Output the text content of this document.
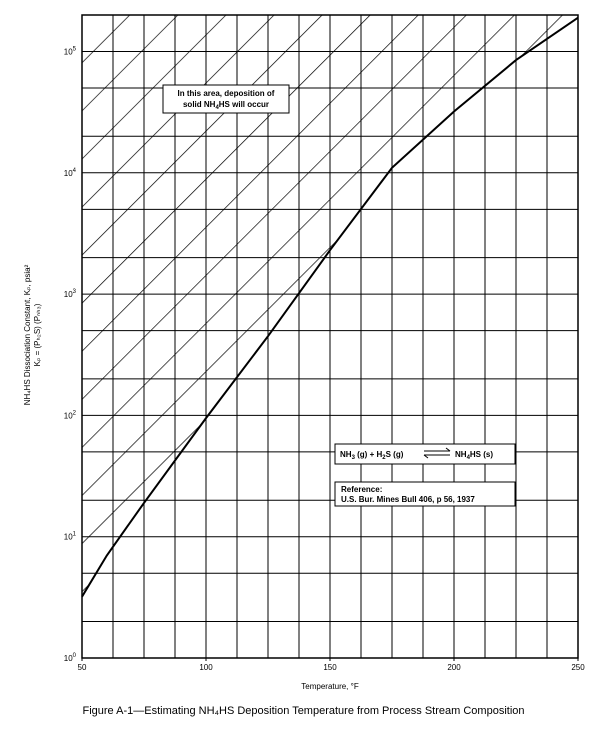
50	100	150	200	250
$10^0$
$10^1$
$10^2$
$10^3$
$10^4$
$10^5$
Temperature, °F
NH₄HS Dissociation Constant, Kₚ, psia² Kₚ = (Pₕ₂S) (Pₙₕ₃)
In this area, deposition of
solid $NH_4HS$ will occur
$NH_3$ $(g) + H_2S$ (g)	$NH_4HS$ (s)
Reference:
U.S. Bur. Mines Bull 406, p 56, 1937
Figure A-1—Estimating NH₄HS Deposition Temperature from Process Stream Composition
